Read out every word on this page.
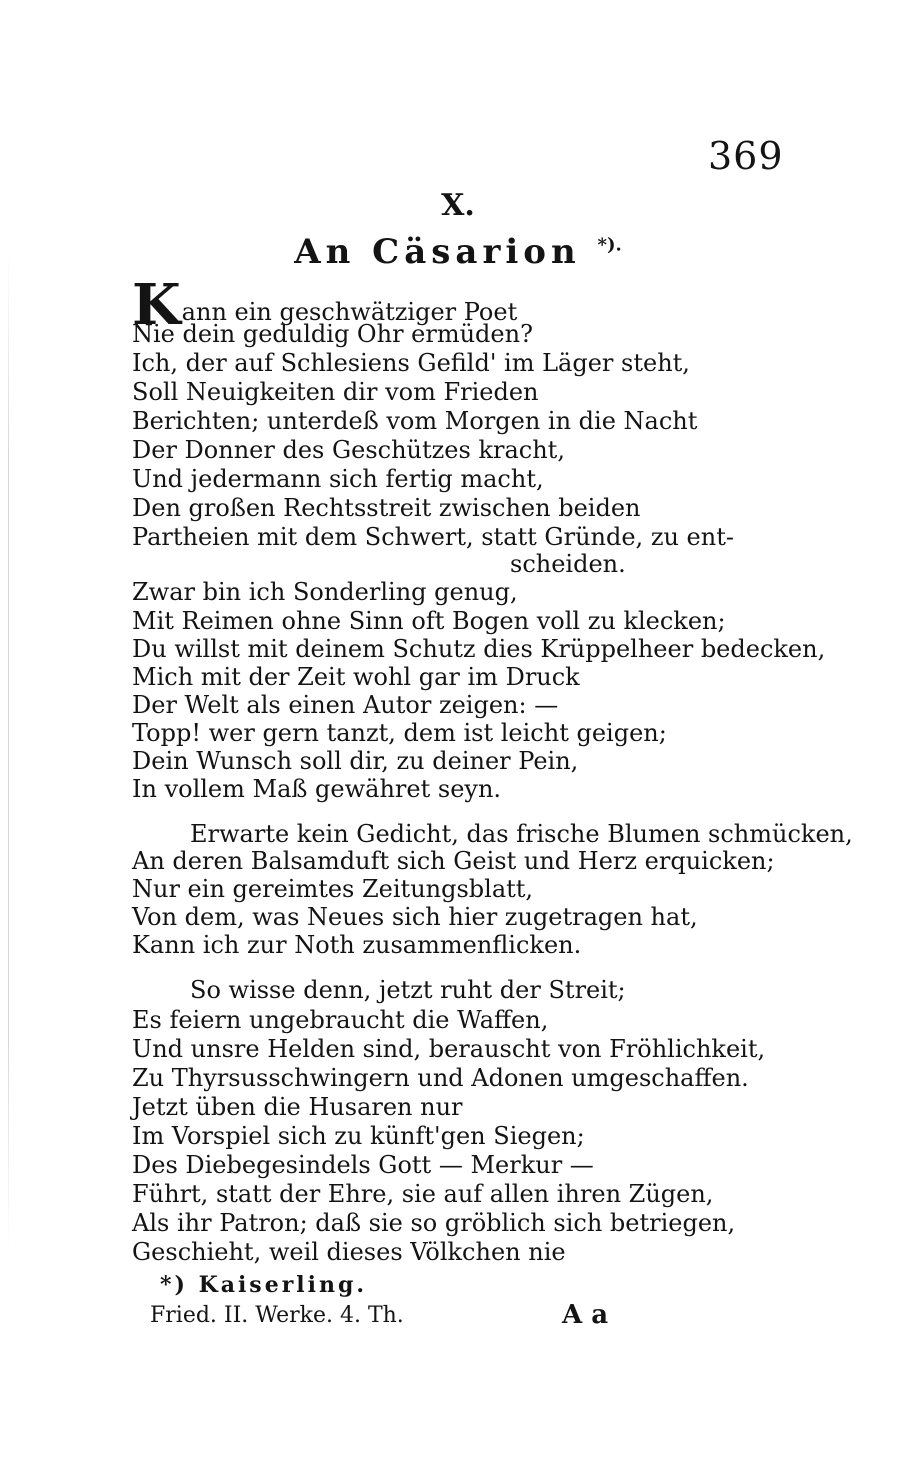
369
X.
An Cäsarion *).
Kann ein geschwätziger Poet
Nie dein geduldig Ohr ermüden?
Ich, der auf Schlesiens Gefild' im Läger steht,
Soll Neuigkeiten dir vom Frieden
Berichten; unterdeß vom Morgen in die Nacht
Der Donner des Geschützes kracht,
Und jedermann sich fertig macht,
Den großen Rechtsstreit zwischen beiden
Partheien mit dem Schwert, statt Gründe, zu ent-
scheiden.
Zwar bin ich Sonderling genug,
Mit Reimen ohne Sinn oft Bogen voll zu klecken;
Du willst mit deinem Schutz dies Krüppelheer bedecken,
Mich mit der Zeit wohl gar im Druck
Der Welt als einen Autor zeigen: —
Topp! wer gern tanzt, dem ist leicht geigen;
Dein Wunsch soll dir, zu deiner Pein,
In vollem Maß gewähret seyn.
Erwarte kein Gedicht, das frische Blumen schmücken,
An deren Balsamduft sich Geist und Herz erquicken;
Nur ein gereimtes Zeitungsblatt,
Von dem, was Neues sich hier zugetragen hat,
Kann ich zur Noth zusammenflicken.
So wisse denn, jetzt ruht der Streit;
Es feiern ungebraucht die Waffen,
Und unsre Helden sind, berauscht von Fröhlichkeit,
Zu Thyrsusschwingern und Adonen umgeschaffen.
Jetzt üben die Husaren nur
Im Vorspiel sich zu künft'gen Siegen;
Des Diebegesindels Gott — Merkur —
Führt, statt der Ehre, sie auf allen ihren Zügen,
Als ihr Patron; daß sie so gröblich sich betriegen,
Geschieht, weil dieses Völkchen nie
*) Kaiserling.
Fried. II. Werke. 4. Th.	A a
